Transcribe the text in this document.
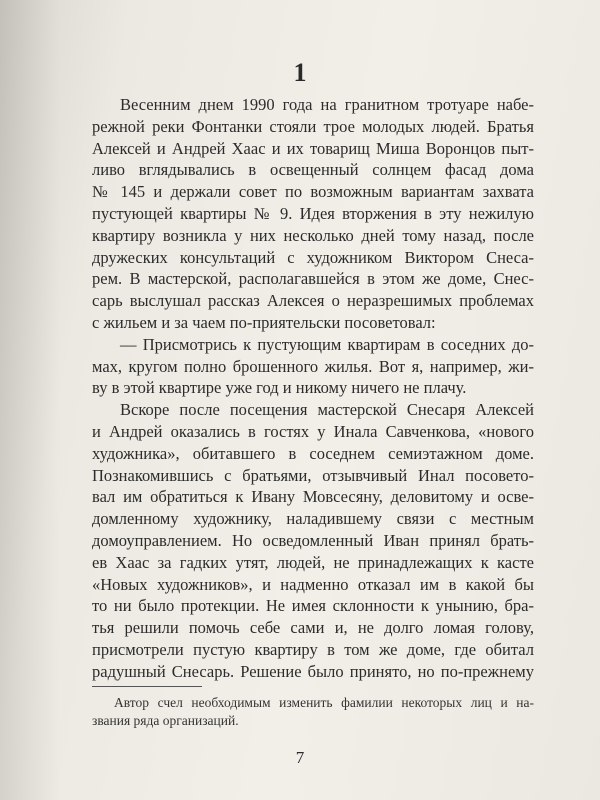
1
Весенним днем 1990 года на гранитном тротуаре набе-
режной реки Фонтанки стояли трое молодых людей. Братья
Алексей и Андрей Хаас и их товарищ Миша Воронцов пыт-
ливо вглядывались в освещенный солнцем фасад дома
№ 145 и держали совет по возможным вариантам захвата
пустующей квартиры № 9. Идея вторжения в эту нежилую
квартиру возникла у них несколько дней тому назад, после
дружеских консультаций с художником Виктором Снеса-
рем. В мастерской, располагавшейся в этом же доме, Снес-
сарь выслушал рассказ Алексея о неразрешимых проблемах
с жильем и за чаем по-приятельски посоветовал:
— Присмотрись к пустующим квартирам в соседних до-
мах, кругом полно брошенного жилья. Вот я, например, жи-
ву в этой квартире уже год и никому ничего не плачу.
Вскоре после посещения мастерской Снесаря Алексей
и Андрей оказались в гостях у Инала Савченкова, «нового
художника», обитавшего в соседнем семиэтажном доме.
Познакомившись с братьями, отзывчивый Инал посовето-
вал им обратиться к Ивану Мовсесяну, деловитому и осве-
домленному художнику, наладившему связи с местным
домоуправлением. Но осведомленный Иван принял брать-
ев Хаас за гадких утят, людей, не принадлежащих к касте
«Новых художников», и надменно отказал им в какой бы
то ни было протекции. Не имея склонности к унынию, бра-
тья решили помочь себе сами и, не долго ломая голову,
присмотрели пустую квартиру в том же доме, где обитал
радушный Снесарь. Решение было принято, но по-прежнему
Автор счел необходимым изменить фамилии некоторых лиц и на-
звания ряда организаций.
7
